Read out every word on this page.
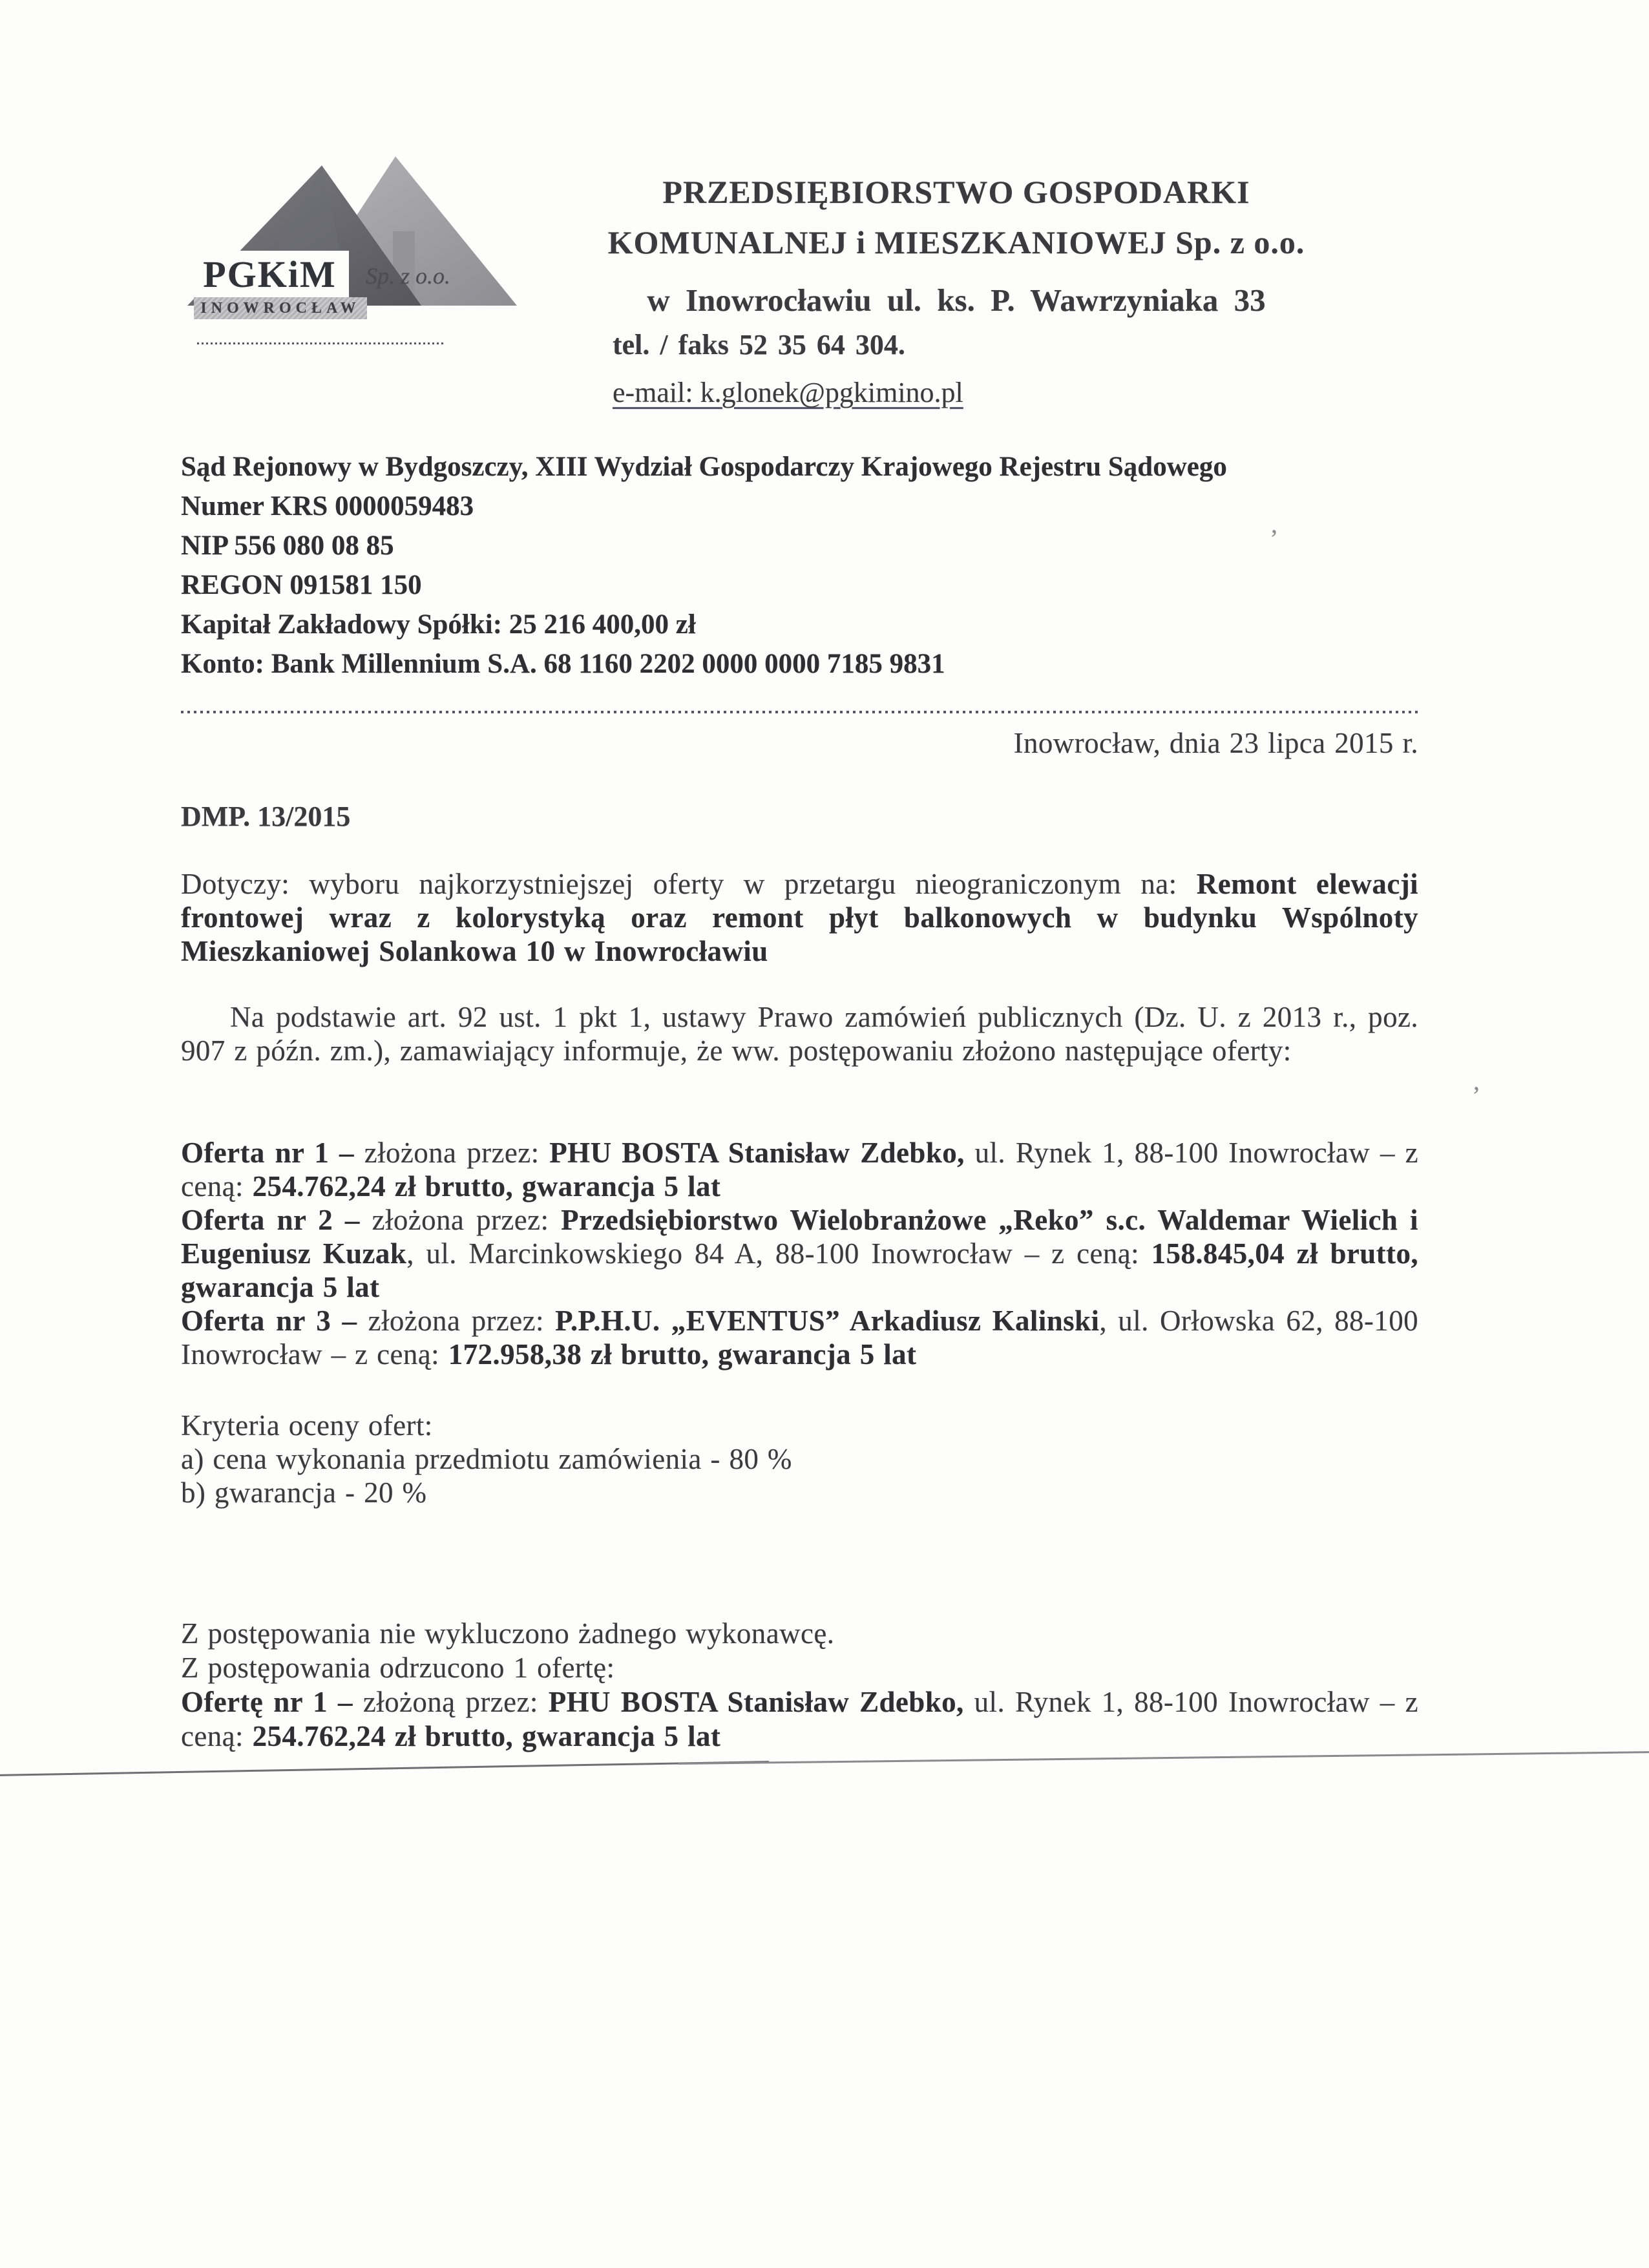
PGKiM Sp. z o.o.
INOWROCŁAW
PRZEDSIĘBIORSTWO GOSPODARKI
KOMUNALNEJ i MIESZKANIOWEJ Sp. z o.o.
w Inowrocławiu ul. ks. P. Wawrzyniaka 33
tel. / faks 52 35 64 304.
e-mail: k.glonek@pgkimino.pl
Sąd Rejonowy w Bydgoszczy, XIII Wydział Gospodarczy Krajowego Rejestru Sądowego
Numer KRS 0000059483
NIP 556 080 08 85
REGON 091581 150
Kapitał Zakładowy Spółki: 25 216 400,00 zł
Konto: Bank Millennium S.A. 68 1160 2202 0000 0000 7185 9831
Inowrocław, dnia 23 lipca 2015 r.
DMP. 13/2015

Dotyczy: wyboru najkorzystniejszej oferty w przetargu nieograniczonym na: Remont elewacji frontowej wraz z kolorystyką oraz remont płyt balkonowych w budynku Wspólnoty Mieszkaniowej Solankowa 10 w Inowrocławiu

Na podstawie art. 92 ust. 1 pkt 1, ustawy Prawo zamówień publicznych (Dz. U. z 2013 r., poz. 907 z późn. zm.), zamawiający informuje, że ww. postępowaniu złożono następujące oferty:

Oferta nr 1 – złożona przez: PHU BOSTA Stanisław Zdebko, ul. Rynek 1, 88-100 Inowrocław – z ceną: 254.762,24 zł brutto, gwarancja 5 lat

Oferta nr 2 – złożona przez: Przedsiębiorstwo Wielobranżowe „Reko” s.c. Waldemar Wielich i Eugeniusz Kuzak, ul. Marcinkowskiego 84 A, 88-100 Inowrocław – z ceną: 158.845,04 zł brutto, gwarancja 5 lat

Oferta nr 3 – złożona przez: P.P.H.U. „EVENTUS” Arkadiusz Kalinski, ul. Orłowska 62, 88-100 Inowrocław – z ceną: 172.958,38 zł brutto, gwarancja 5 lat

Kryteria oceny ofert:
a) cena wykonania przedmiotu zamówienia - 80 %
b) gwarancja - 20 %
Z postępowania nie wykluczono żadnego wykonawcę.
Z postępowania odrzucono 1 ofertę:

Ofertę nr 1 – złożoną przez: PHU BOSTA Stanisław Zdebko, ul. Rynek 1, 88-100 Inowrocław – z ceną: 254.762,24 zł brutto, gwarancja 5 lat

’
’
